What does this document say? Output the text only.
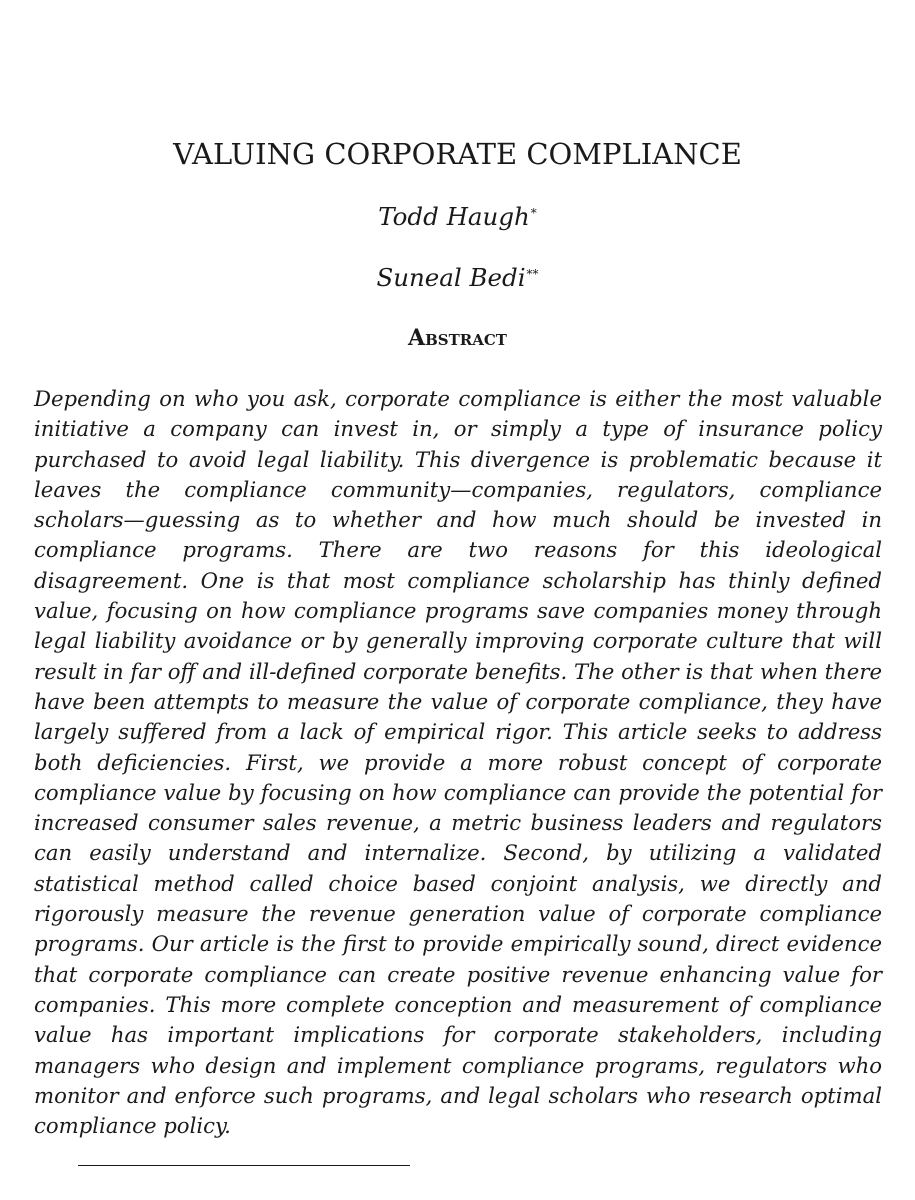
VALUING CORPORATE COMPLIANCE

Todd Haugh*

Suneal Bedi**

Abstract

Depending on who you ask, corporate compliance is either the most valuable initiative a company can invest in, or simply a type of insurance policy purchased to avoid legal liability. This divergence is problematic because it leaves the compliance community—companies, regulators, compliance scholars—guessing as to whether and how much should be invested in compliance programs. There are two reasons for this ideological disagreement. One is that most compliance scholarship has thinly defined value, focusing on how compliance programs save companies money through legal liability avoidance or by generally improving corporate culture that will result in far off and ill-defined corporate benefits. The other is that when there have been attempts to measure the value of corporate compliance, they have largely suffered from a lack of empirical rigor. This article seeks to address both deficiencies. First, we provide a more robust concept of corporate compliance value by focusing on how compliance can provide the potential for increased consumer sales revenue, a metric business leaders and regulators can easily understand and internalize. Second, by utilizing a validated statistical method called choice based conjoint analysis, we directly and rigorously measure the revenue generation value of corporate compliance programs. Our article is the first to provide empirically sound, direct evidence that corporate compliance can create positive revenue enhancing value for companies. This more complete conception and measurement of compliance value has important implications for corporate stakeholders, including managers who design and implement compliance programs, regulators who monitor and enforce such programs, and legal scholars who research optimal compliance policy.
